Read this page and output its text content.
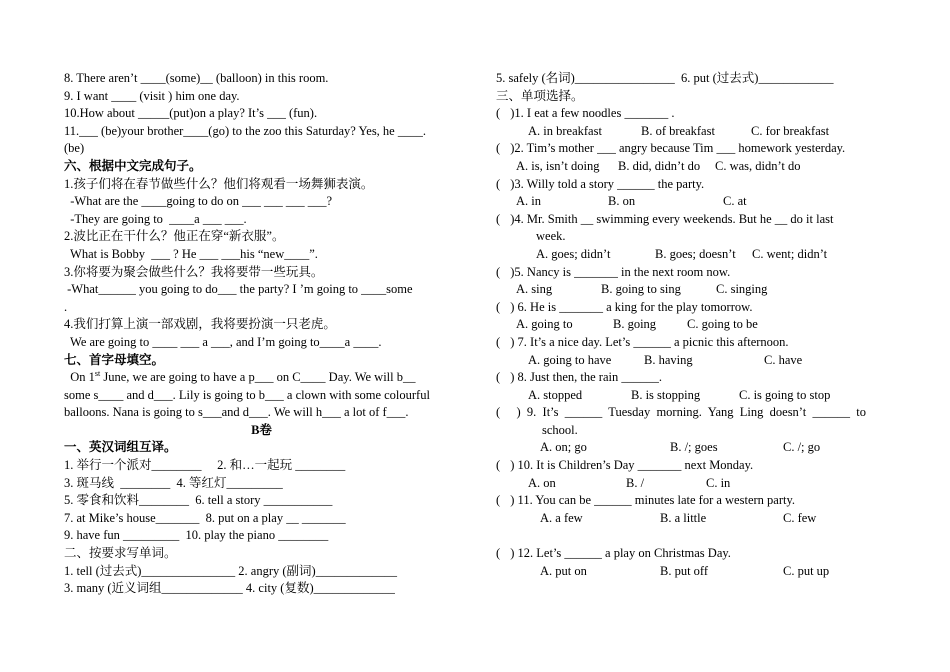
8. There aren’t ____(some)__ (balloon) in this room.
9. I want ____ (visit ) him one day.
10.How about _____(put)on a play? It’s ___ (fun).
11.___ (be)your brother____(go) to the zoo this Saturday? Yes, he ____.
(be)
六、根据中文完成句子。
1.孩子们将在春节做些什么？他们将观看一场舞狮表演。
-What are the ____going to do on ___ ___ ___ ___?
-They are going to  ____a ___ ___.
2.波比正在干什么？他正在穿“新衣服”。
What is Bobby  ___ ? He ___ ___his “new____”.
3.你将要为聚会做些什么？我将要带一些玩具。
-What______ you going to do___ the party? I ’m going to ____some
.
4.我们打算上演一部戏剧，我将要扮演一只老虎。
We are going to ____ ___ a ___, and I’m going to____a ____.
七、首字母填空。
On 1st June, we are going to have a p___ on C____ Day. We will b__
some s____ and d___. Lily is going to b___ a clown with some colourful
balloons. Nana is going to s___and d___. We will h___ a lot of f___.
B卷
一、英汉词组互译。
1. 举行一个派对________     2. 和…一起玩 ________
3. 斑马线  ________  4. 等红灯_________
5. 零食和饮料________  6. tell a story ___________
7. at Mike’s house_______  8. put on a play __ _______
9. have fun _________  10. play the piano ________
二、按要求写单词。
1. tell (过去式)_______________ 2. angry (副词)_____________
3. many (近义词组_____________ 4. city (复数)_____________
5. safely (名词)________________  6. put (过去式)____________
三、单项选择。
( )1. I eat a few noodles _______ .
A. in breakfast	B. of breakfast	C. for breakfast
( )2. Tim’s mother ___ angry because Tim ___ homework yesterday.
A. is, isn’t doing B. did, didn’t do C. was, didn’t do
( )3. Willy told a story ______ the party.
A. in	B. on	C. at
( )4. Mr. Smith __ swimming every weekends. But he __ do it last
week.
A. goes; didn’t	B. goes; doesn’t C. went; didn’t
( )5. Nancy is _______ in the next room now.
A. sing	B. going to sing	C. singing
( ) 6. He is _______ a king for the play tomorrow.
A. going to	B. going C. going to be
( ) 7. It’s a nice day. Let’s ______ a picnic this afternoon.
A. going to have	B. having	C. have
( ) 8. Just then, the rain ______.
A. stopped	B. is stopping	C. is going to stop
( )  9.  It’s  ______  Tuesday  morning.  Yang  Ling  doesn’t  ______  to
school.
A. on; go	B. /; goes	C. /; go
( ) 10. It is Children’s Day _______ next Monday.
A. on	B. /	C. in
( ) 11. You can be ______ minutes late for a western party.
A. a few	B. a little	C. few
( ) 12. Let’s ______ a play on Christmas Day.
A. put on	B. put off	C. put up
